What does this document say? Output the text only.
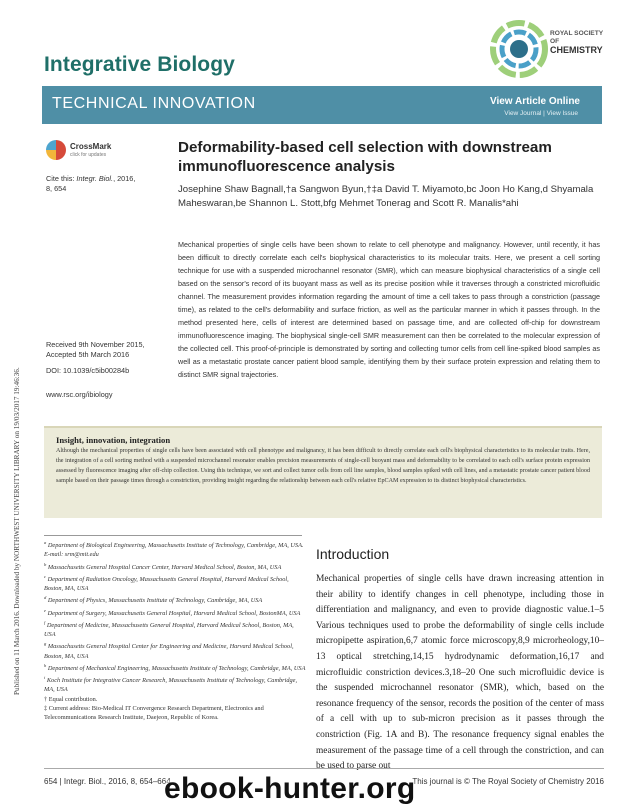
Published on 11 March 2016. Downloaded by NORTHWEST UNIVERSITY LIBRARY on 19/03/2017 19:46:36.
Integrative Biology
ROYAL SOCIETY
OF
CHEMISTRY
TECHNICAL INNOVATION	View Article Online
View Journal | View Issue
CrossMark
click for updates
Cite this: Integr. Biol., 2016,
8, 654
Received 9th November 2015,
Accepted 5th March 2016
DOI: 10.1039/c5ib00284b
www.rsc.org/ibiology
Deformability-based cell selection with downstream immunofluorescence analysis
Josephine Shaw Bagnall,†a Sangwon Byun,†‡a David T. Miyamoto,bc Joon Ho Kang,d Shyamala Maheswaran,be Shannon L. Stott,bfg Mehmet Tonerag and Scott R. Manalis*ahi

Mechanical properties of single cells have been shown to relate to cell phenotype and malignancy. However, until recently, it has been difficult to directly correlate each cell's biophysical characteristics to its molecular traits. Here, we present a cell sorting technique for use with a suspended microchannel resonator (SMR), which can measure biophysical characteristics of a single cell based on the sensor's record of its buoyant mass as well as its precise position while it traverses through a constricted microfluidic channel. The measurement provides information regarding the amount of time a cell takes to pass through a constriction (passage time), as related to the cell's deformability and surface friction, as well as the particular manner in which it passes through. In the method presented here, cells of interest are determined based on passage time, and are collected off-chip for downstream immunofluorescence imaging. The biophysical single-cell SMR measurement can then be correlated to the molecular expression of the collected cell. This proof-of-principle is demonstrated by sorting and collecting tumor cells from cell line-spiked blood samples as well as a metastatic prostate cancer patient blood sample, identifying them by their surface protein expression and relating them to distinct SMR signal trajectories.

Insight, innovation, integration

Although the mechanical properties of single cells have been associated with cell phenotype and malignancy, it has been difficult to directly correlate each cell's biophysical characteristics to its molecular traits. Here, the integration of a cell sorting method with a suspended microchannel resonator enables precision measurements of single-cell buoyant mass and deformability to be correlated to each cell's surface protein expression assessed by fluorescence imaging after off-chip collection. Using this technique, we sort and collect tumor cells from cell line samples, blood samples spiked with cell lines, and a metastatic prostate cancer patient blood sample based on their passage times through a constriction, providing insight regarding the relationship between each cell's relative EpCAM expression to its distinct biophysical characteristics.

$^a$ Department of Biological Engineering, Massachusetts Institute of Technology, Cambridge, MA, USA. E-mail: srm@mit.edu
$^b$ Massachusetts General Hospital Cancer Center, Harvard Medical School, Boston, MA, USA
$^c$ Department of Radiation Oncology, Massachusetts General Hospital, Harvard Medical School, Boston, MA, USA
$^d$ Department of Physics, Massachusetts Institute of Technology, Cambridge, MA, USA
$^e$ Department of Surgery, Massachusetts General Hospital, Harvard Medical School, BostonMA, USA
$^f$ Department of Medicine, Massachusetts General Hospital, Harvard Medical School, Boston, MA, USA
$^g$ Massachusetts General Hospital Center for Engineering and Medicine, Harvard Medical School, Boston, MA, USA
$^h$ Department of Mechanical Engineering, Massachusetts Institute of Technology, Cambridge, MA, USA
$^i$ Koch Institute for Integrative Cancer Research, Massachusetts Institute of Technology, Cambridge, MA, USA
† Equal contribution.
‡ Current address: Bio-Medical IT Convergence Research Department, Electronics and Telecommunications Research Institute, Daejeon, Republic of Korea.
Introduction

Mechanical properties of single cells have drawn increasing attention in their ability to identify changes in cell phenotype, including those in differentiation and malignancy, and even to provide diagnostic value.1–5 Various techniques used to probe the deformability of single cells include micropipette aspiration,6,7 atomic force microscopy,8,9 microrheology,10–13 optical stretching,14,15 hydrodynamic deformation,16,17 and microfluidic constriction devices.3,18–20 One such microfluidic device is the suspended microchannel resonator (SMR), which, based on the resonance frequency of the sensor, records the position of the center of mass of a cell with up to sub-micron precision as it passes through the constriction (Fig. 1A and B). The resonance frequency signal enables the measurement of the passage time of a cell through the constriction, and can be used to parse out

654 | Integr. Biol., 2016, 8, 654–664	This journal is © The Royal Society of Chemistry 2016
ebook-hunter.org
